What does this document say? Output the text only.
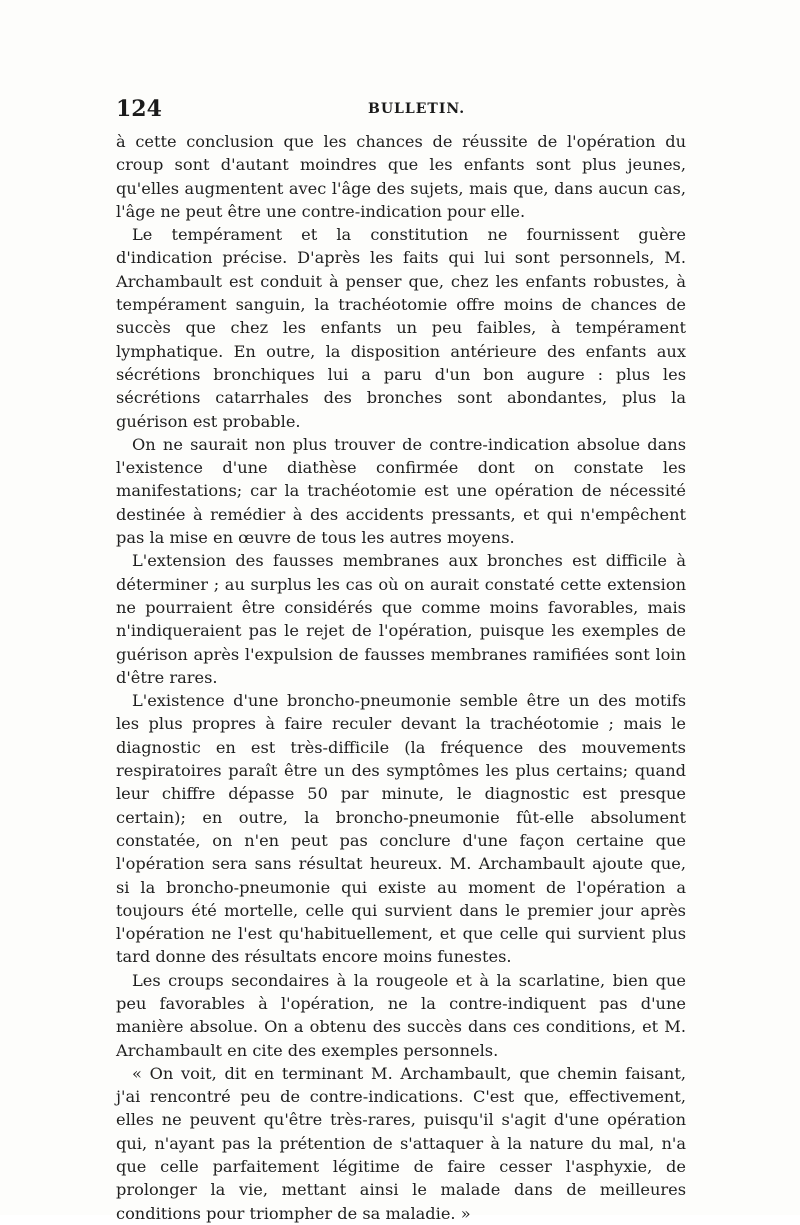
124	BULLETIN.

à cette conclusion que les chances de réussite de l'opération du croup sont d'autant moindres que les enfants sont plus jeunes, qu'elles augmentent avec l'âge des sujets, mais que, dans aucun cas, l'âge ne peut être une contre-indication pour elle.

Le tempérament et la constitution ne fournissent guère d'indication précise. D'après les faits qui lui sont personnels, M. Archambault est conduit à penser que, chez les enfants robustes, à tempérament sanguin, la trachéotomie offre moins de chances de succès que chez les enfants un peu faibles, à tempérament lymphatique. En outre, la disposition antérieure des enfants aux sécrétions bronchiques lui a paru d'un bon augure : plus les sécrétions catarrhales des bronches sont abondantes, plus la guérison est probable.

On ne saurait non plus trouver de contre-indication absolue dans l'existence d'une diathèse confirmée dont on constate les manifestations; car la trachéotomie est une opération de nécessité destinée à remédier à des accidents pressants, et qui n'empêchent pas la mise en œuvre de tous les autres moyens.

L'extension des fausses membranes aux bronches est difficile à déterminer ; au surplus les cas où on aurait constaté cette extension ne pourraient être considérés que comme moins favorables, mais n'indiqueraient pas le rejet de l'opération, puisque les exemples de guérison après l'expulsion de fausses membranes ramifiées sont loin d'être rares.

L'existence d'une broncho-pneumonie semble être un des motifs les plus propres à faire reculer devant la trachéotomie ; mais le diagnostic en est très-difficile (la fréquence des mouvements respiratoires paraît être un des symptômes les plus certains; quand leur chiffre dépasse 50 par minute, le diagnostic est presque certain); en outre, la broncho-pneumonie fût-elle absolument constatée, on n'en peut pas conclure d'une façon certaine que l'opération sera sans résultat heureux. M. Archambault ajoute que, si la broncho-pneumonie qui existe au moment de l'opération a toujours été mortelle, celle qui survient dans le premier jour après l'opération ne l'est qu'habituellement, et que celle qui survient plus tard donne des résultats encore moins funestes.

Les croups secondaires à la rougeole et à la scarlatine, bien que peu favorables à l'opération, ne la contre-indiquent pas d'une manière absolue. On a obtenu des succès dans ces conditions, et M. Archambault en cite des exemples personnels.

« On voit, dit en terminant M. Archambault, que chemin faisant, j'ai rencontré peu de contre-indications. C'est que, effectivement, elles ne peuvent qu'être très-rares, puisqu'il s'agit d'une opération qui, n'ayant pas la prétention de s'attaquer à la nature du mal, n'a que celle parfaitement légitime de faire cesser l'asphyxie, de prolonger la vie, mettant ainsi le malade dans de meilleures conditions pour triompher de sa maladie. »
